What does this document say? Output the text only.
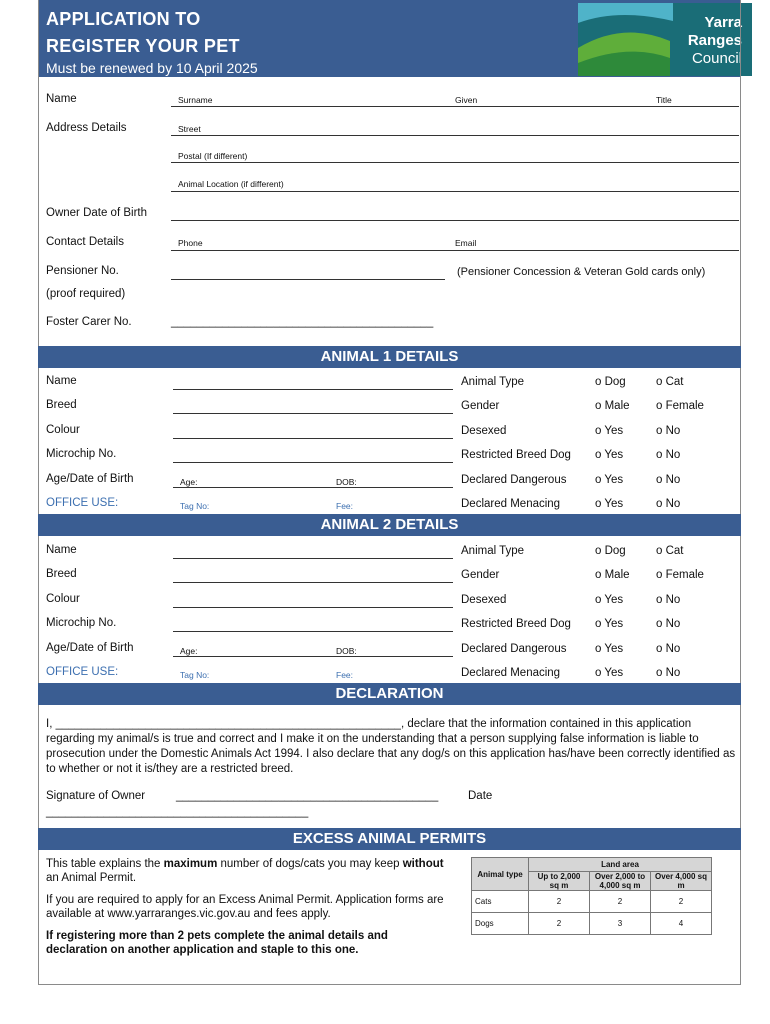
APPLICATION TO
REGISTER YOUR PET
Must be renewed by 10 April 2025
Yarra
Ranges
Council
Name	Surname	Given	Title
Address Details	Street
Postal (If different)
Animal Location (if different)
Owner Date of Birth
Contact Details	Phone	Email
Pensioner No.	(Pensioner Concession & Veteran Gold cards only)
(proof required)
Foster Carer No.	_________________________________________
ANIMAL 1 DETAILS
Name	Animal Type	o Dog	o Cat
Breed	Gender	o Male o Female
Colour	Desexed	o Yes	o No
Microchip No.	Restricted Breed Dog o Yes	o No
Age/Date of Birth	Age:	DOB:	Declared Dangerous o Yes	o No
OFFICE USE:	Tag No:	Fee:	Declared Menacing	o Yes	o No
ANIMAL 2 DETAILS
Name	Animal Type	o Dog	o Cat
Breed	Gender	o Male o Female
Colour	Desexed	o Yes	o No
Microchip No.	Restricted Breed Dog o Yes	o No
Age/Date of Birth	Age:	DOB:	Declared Dangerous o Yes	o No
OFFICE USE:	Tag No:	Fee:	Declared Menacing	o Yes	o No
DECLARATION
I, ______________________________________________________, declare that the information contained in this application regarding my animal/s is true and correct and I make it on the understanding that a person supplying false information is liable to prosecution under the Domestic Animals Act 1994. I also declare that any dog/s on this application has/have been correctly identified as to whether or not it is/they are a restricted breed.
Signature of Owner	_________________________________________	Date
_________________________________________
EXCESS ANIMAL PERMITS
This table explains the maximum number of dogs/cats you may keep without an Animal Permit.
If you are required to apply for an Excess Animal Permit. Application forms are available at www.yarraranges.vic.gov.au and fees apply.
If registering more than 2 pets complete the animal details and declaration on another application and staple to this one.
Animal type	Land area		
	Up to 2,000 sq m	Over 2,000 to 4,000 sq m	Over 4,000 sq m
Cats	2	2	2
Dogs	2	3	4
